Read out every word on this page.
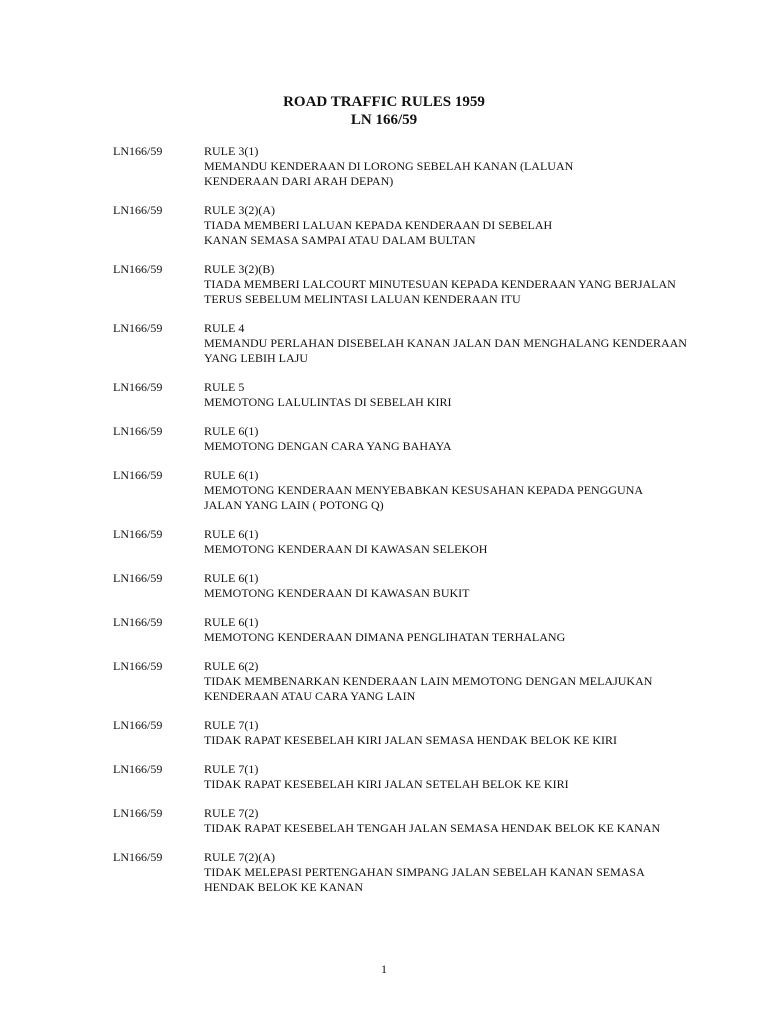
ROAD TRAFFIC RULES 1959
LN 166/59
LN166/59	RULE 3(1)
MEMANDU KENDERAAN DI LORONG SEBELAH KANAN (LALUAN
KENDERAAN DARI ARAH DEPAN)
LN166/59	RULE 3(2)(A)
TIADA MEMBERI LALUAN KEPADA KENDERAAN DI SEBELAH
KANAN SEMASA SAMPAI ATAU DALAM BULTAN
LN166/59	RULE 3(2)(B)
TIADA MEMBERI LALCOURT MINUTESUAN KEPADA KENDERAAN YANG BERJALAN
TERUS SEBELUM MELINTASI LALUAN KENDERAAN ITU
LN166/59	RULE 4
MEMANDU PERLAHAN DISEBELAH KANAN JALAN DAN MENGHALANG KENDERAAN
YANG LEBIH LAJU
LN166/59	RULE 5
MEMOTONG LALULINTAS DI SEBELAH KIRI
LN166/59	RULE 6(1)
MEMOTONG DENGAN CARA YANG BAHAYA
LN166/59	RULE 6(1)
MEMOTONG KENDERAAN MENYEBABKAN KESUSAHAN KEPADA PENGGUNA
JALAN YANG LAIN ( POTONG Q)
LN166/59	RULE 6(1)
MEMOTONG KENDERAAN DI KAWASAN SELEKOH
LN166/59	RULE 6(1)
MEMOTONG KENDERAAN DI KAWASAN BUKIT
LN166/59	RULE 6(1)
MEMOTONG KENDERAAN DIMANA PENGLIHATAN TERHALANG
LN166/59	RULE 6(2)
TIDAK MEMBENARKAN KENDERAAN LAIN MEMOTONG DENGAN MELAJUKAN
KENDERAAN ATAU CARA YANG LAIN
LN166/59	RULE 7(1)
TIDAK RAPAT KESEBELAH KIRI JALAN SEMASA HENDAK BELOK KE KIRI
LN166/59	RULE 7(1)
TIDAK RAPAT KESEBELAH KIRI JALAN SETELAH BELOK KE KIRI
LN166/59	RULE 7(2)
TIDAK RAPAT KESEBELAH TENGAH JALAN SEMASA HENDAK BELOK KE KANAN
LN166/59	RULE 7(2)(A)
TIDAK MELEPASI PERTENGAHAN SIMPANG JALAN SEBELAH KANAN SEMASA
HENDAK BELOK KE KANAN
1
